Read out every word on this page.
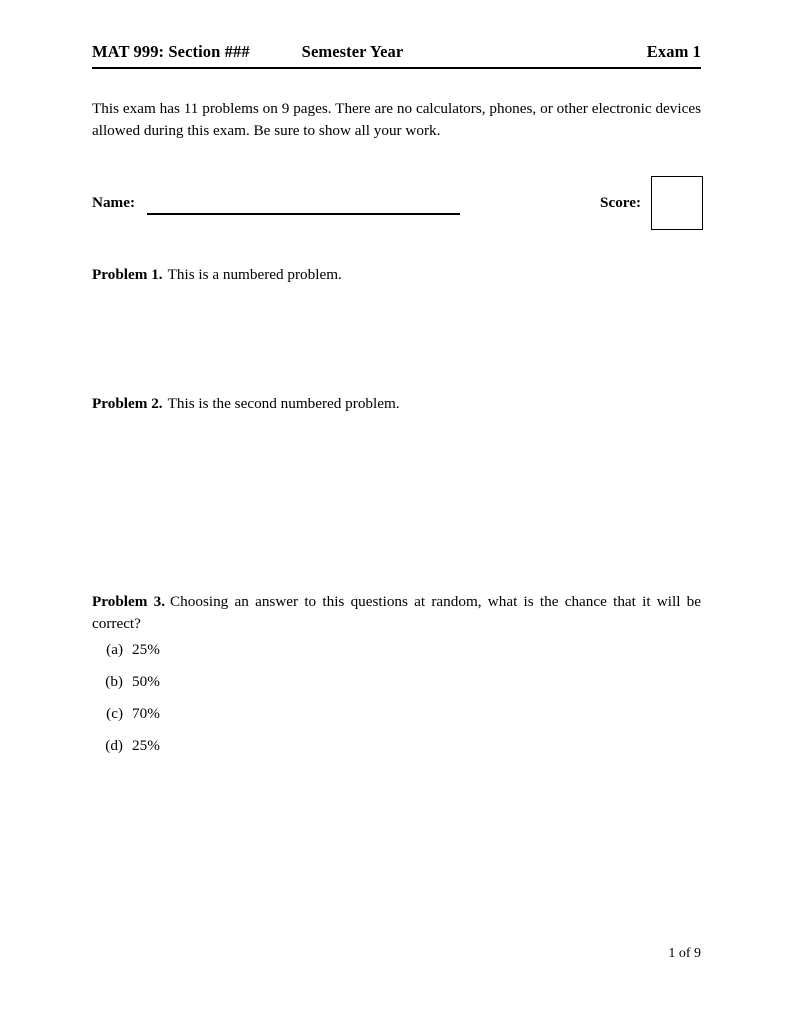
MAT 999: Section ###	Semester Year	Exam 1
This exam has 11 problems on 9 pages. There are no calculators, phones, or other electronic devices allowed during this exam. Be sure to show all your work.
Name:	Score:
Problem 1. This is a numbered problem.
Problem 2. This is the second numbered problem.
Problem 3. Choosing an answer to this questions at random, what is the chance that it will be correct?
(a) 25%
(b) 50%
(c) 70%
(d) 25%
1 of 9
